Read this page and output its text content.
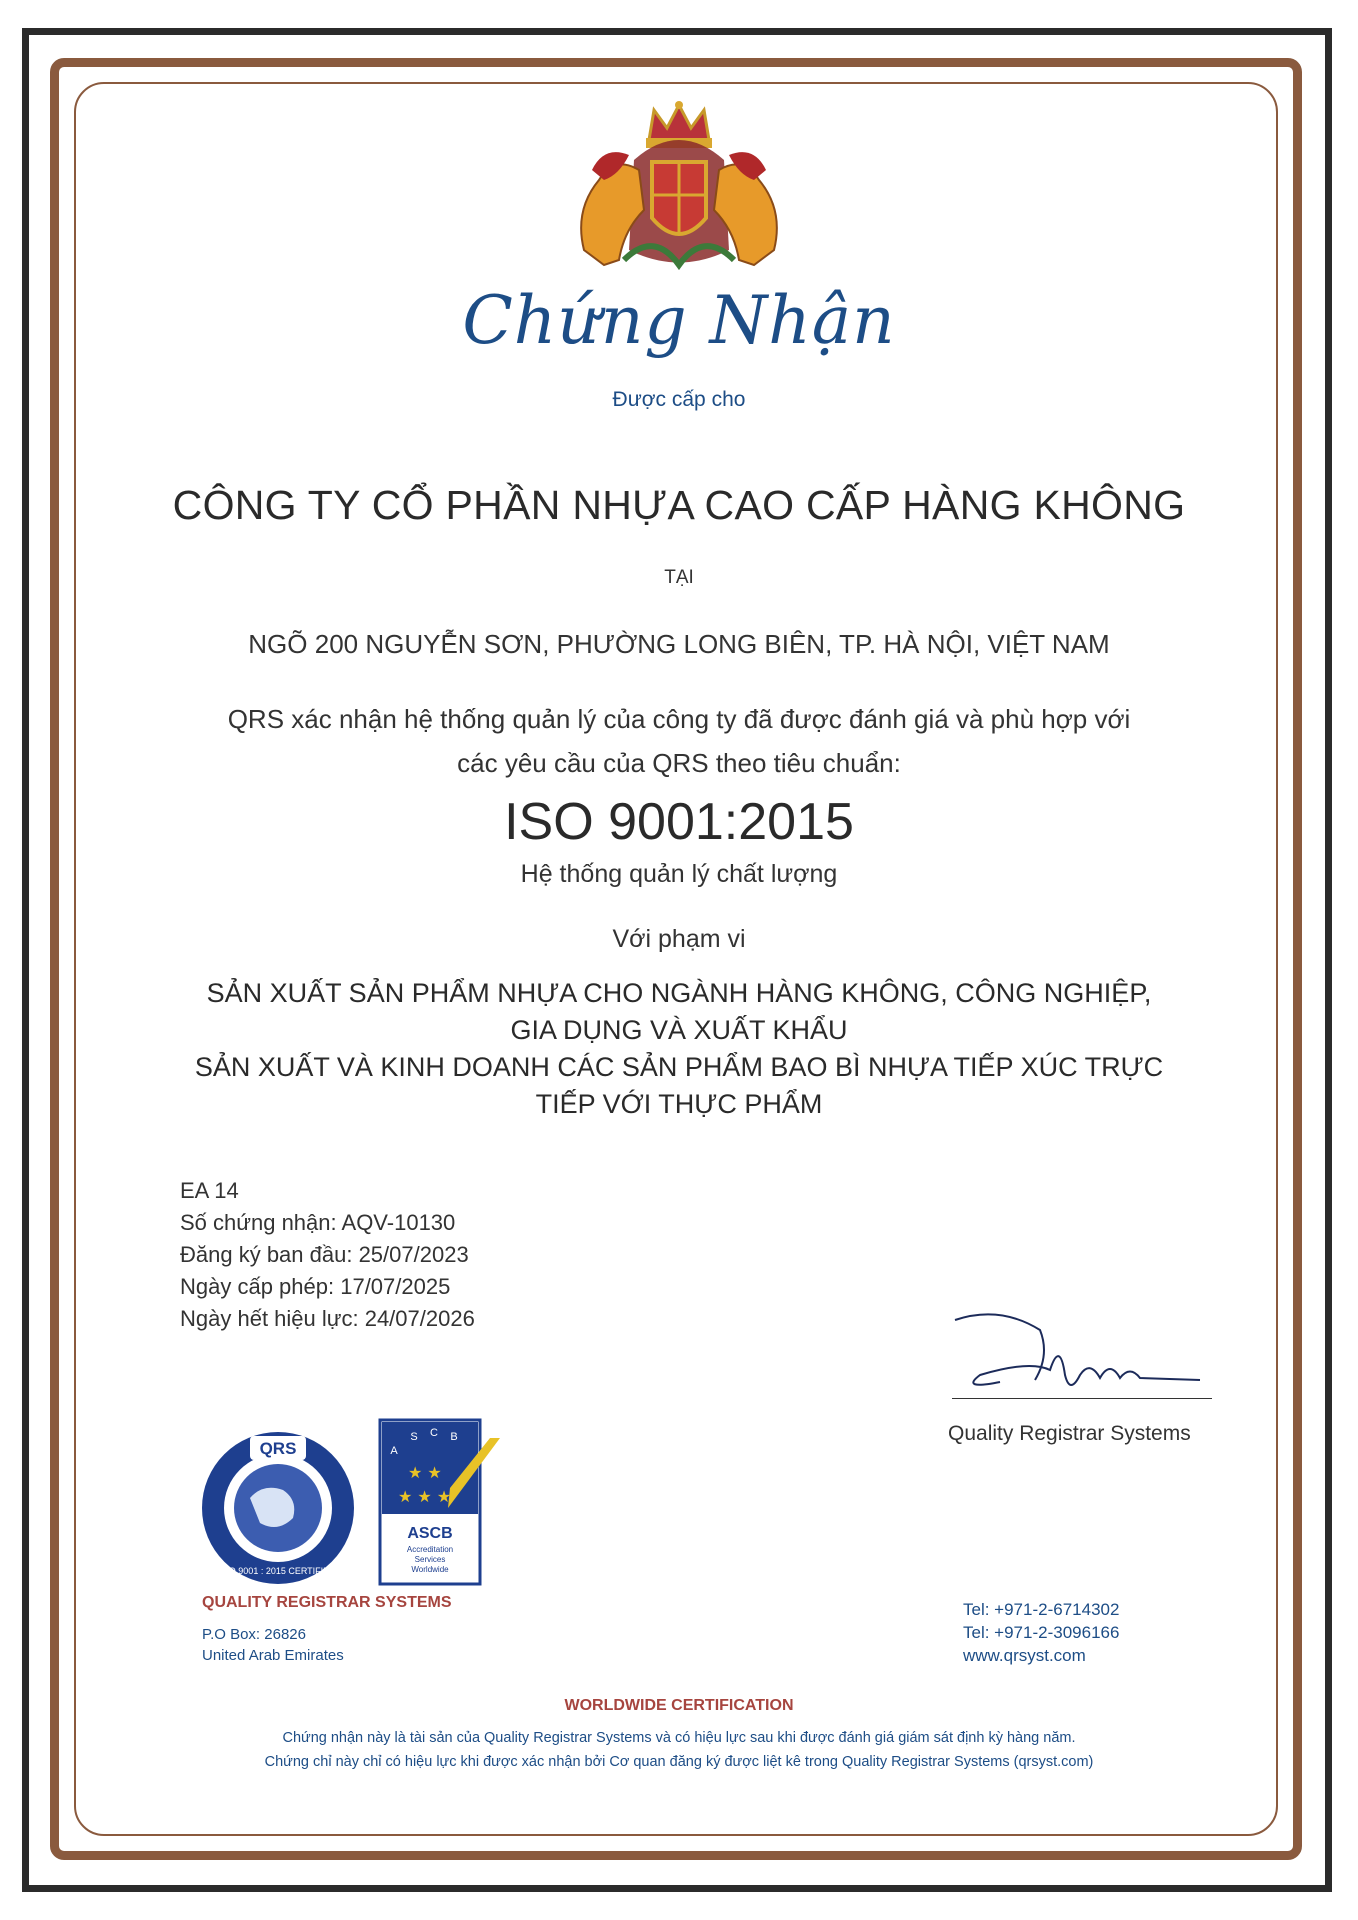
Chứng Nhận
Được cấp cho
CÔNG TY CỔ PHẦN NHỰA CAO CẤP HÀNG KHÔNG
TẠI
NGÕ 200 NGUYỄN SƠN, PHƯỜNG LONG BIÊN, TP. HÀ NỘI, VIỆT NAM
QRS xác nhận hệ thống quản lý của công ty đã được đánh giá và phù hợp với
các yêu cầu của QRS theo tiêu chuẩn:
ISO 9001:2015
Hệ thống quản lý chất lượng
Với phạm vi
SẢN XUẤT SẢN PHẨM NHỰA CHO NGÀNH HÀNG KHÔNG, CÔNG NGHIỆP,
GIA DỤNG VÀ XUẤT KHẨU
SẢN XUẤT VÀ KINH DOANH CÁC SẢN PHẨM BAO BÌ NHỰA TIẾP XÚC TRỰC
TIẾP VỚI THỰC PHẨM
EA 14
Số chứng nhận: AQV-10130
Đăng ký ban đầu: 25/07/2023
Ngày cấp phép: 17/07/2025
Ngày hết hiệu lực: 24/07/2026
Quality Registrar Systems
QRS
ISO 9001 : 2015 CERTIFIED
S C B
A
★ ★
★ ★ ★
ASCB
Accreditation
Services
Worldwide
QUALITY REGISTRAR SYSTEMS
P.O Box: 26826
United Arab Emirates
Tel: +971-2-6714302
Tel: +971-2-3096166
www.qrsyst.com
WORLDWIDE CERTIFICATION
Chứng nhận này là tài sản của Quality Registrar Systems và có hiệu lực sau khi được đánh giá giám sát định kỳ hàng năm.
Chứng chỉ này chỉ có hiệu lực khi được xác nhận bởi Cơ quan đăng ký được liệt kê trong Quality Registrar Systems (qrsyst.com)
